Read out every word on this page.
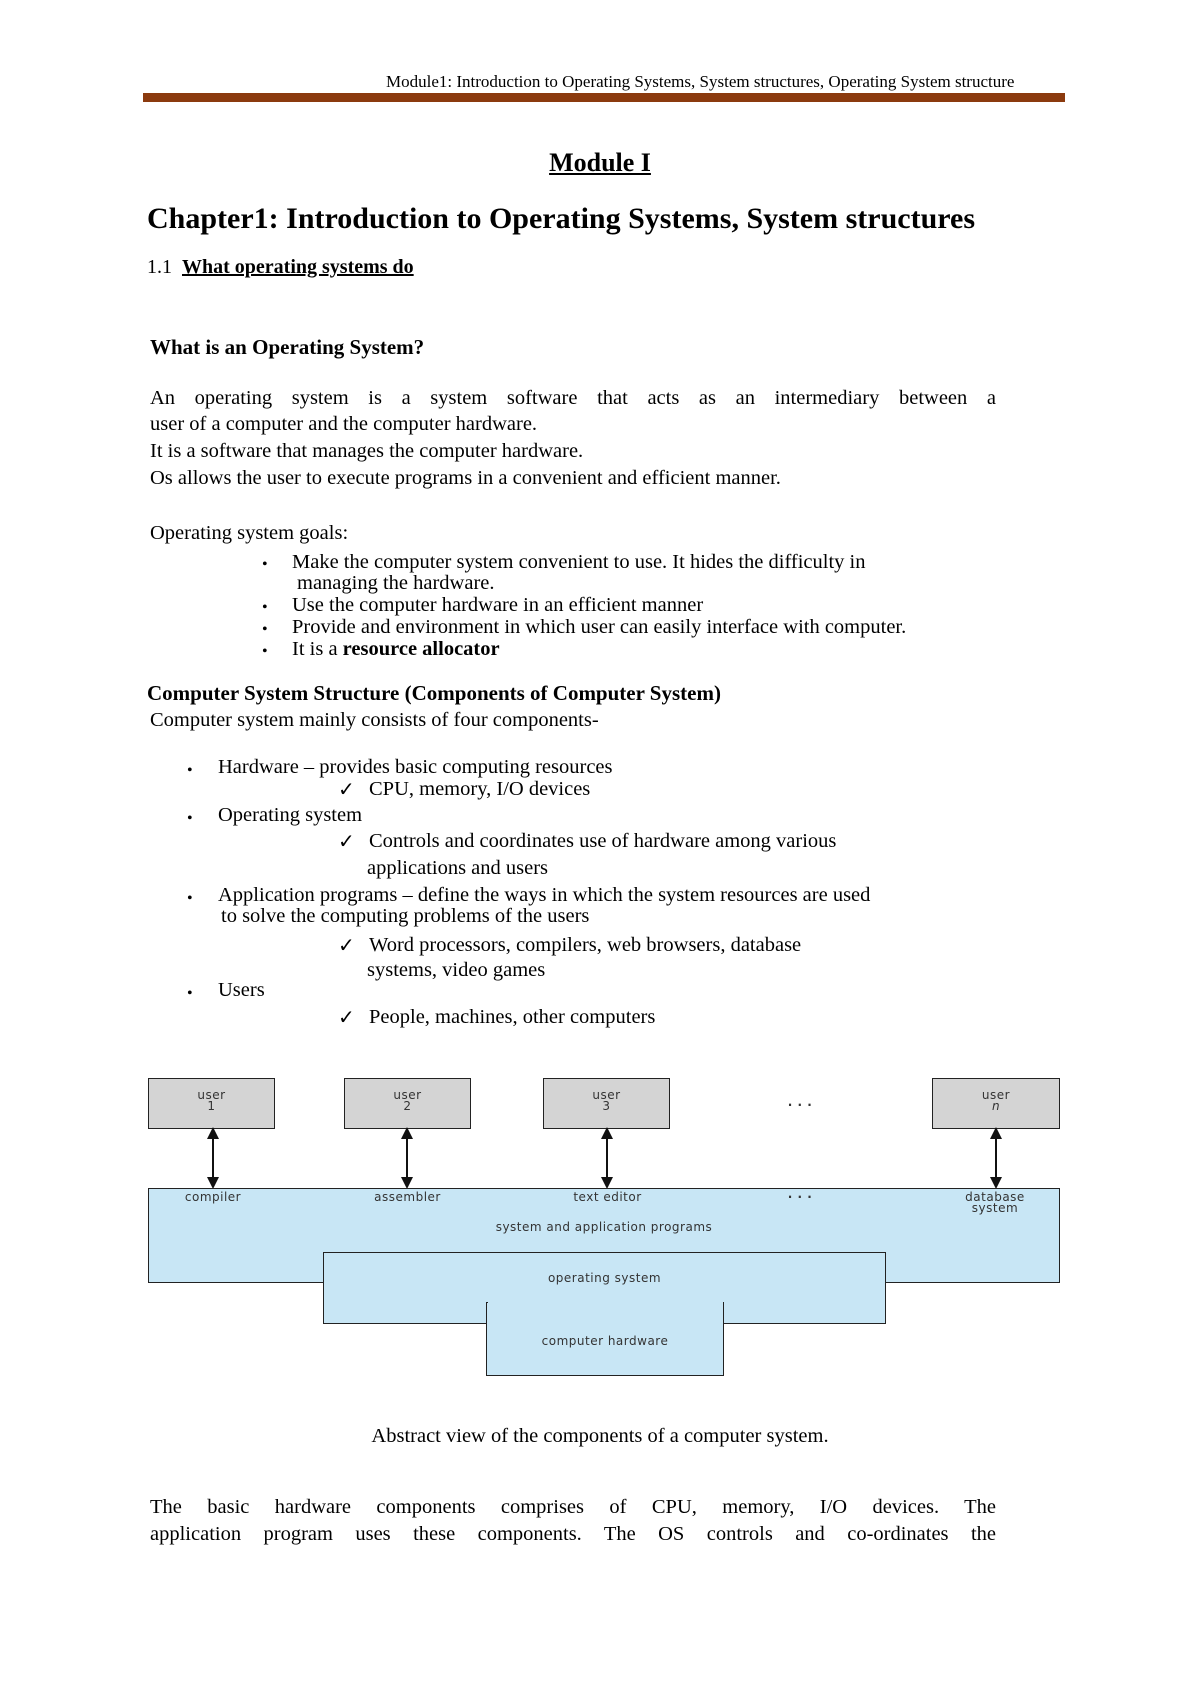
Module1: Introduction to Operating Systems, System structures, Operating System structure
Module I
Chapter1: Introduction to Operating Systems, System structures
1.1 What operating systems do
What is an Operating System?
An operating system is a system software that acts as an intermediary between a
user of a computer and the computer hardware.
It is a software that manages the computer hardware.
Os allows the user to execute programs in a convenient and efficient manner.
Operating system goals:
• Make the computer system convenient to use. It hides the difficulty in
managing the hardware.
• Use the computer hardware in an efficient manner
• Provide and environment in which user can easily interface with computer.
• It is a resource allocator
Computer System Structure (Components of Computer System)
Computer system mainly consists of four components-
• Hardware – provides basic computing resources
✓ CPU, memory, I/O devices
• Operating system
✓ Controls and coordinates use of hardware among various
applications and users
• Application programs – define the ways in which the system resources are used
to solve the computing problems of the users
✓ Word processors, compilers, web browsers, database
systems, video games
• Users
✓ People, machines, other computers
user
1
user
2
user
3	· · ·
user
n
compiler	assembler	text editor	· · ·	database
system
system and application programs
operating system
computer hardware
Abstract view of the components of a computer system.
The basic hardware components comprises of CPU, memory, I/O devices. The
application program uses these components. The OS controls and co-ordinates the
